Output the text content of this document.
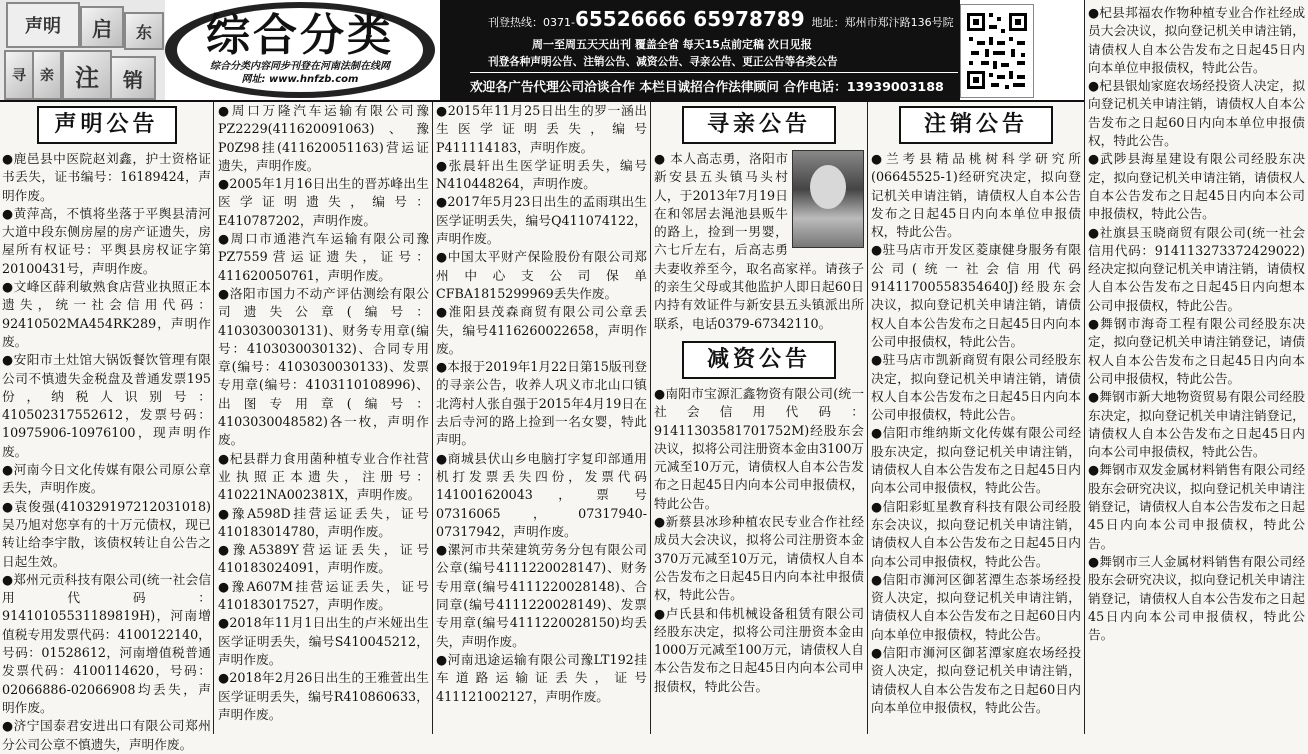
声明	启
注	销
东
寻	亲
综合分类
综合分类内容同步刊登在河南法制在线网
网址: www.hnfzb.com
刊登热线：0371-65526666 65978789 地址：郑州市郑汴路136号院
周一至周五天天出刊 覆盖全省 每天15点前定稿 次日见报
刊登各种声明公告、注销公告、减资公告、寻亲公告、更正公告等各类公告
欢迎各广告代理公司洽谈合作 本栏目诚招合作法律顾问 合作电话：13939003188
声明公告
● 鹿邑县中医院赵刘鑫，护士资格证书丢失，证书编号：16189424，声明作废。
● 黄萍高，不慎将坐落于平舆县清河大道中段东侧房屋的房产证遗失，房屋所有权证号：平舆县房权证字第20100431号，声明作废。
● 文峰区薛利敏熟食店营业执照正本遗失，统一社会信用代码：92410502MA454RK289，声明作废。
● 安阳市土灶馆大锅饭餐饮管理有限公司不慎遗失金税盘及普通发票195份，纳税人识别号：410502317552612，发票号码：10975906-10976100，现声明作废。
● 河南今日文化传媒有限公司原公章丢失，声明作废。
● 袁俊强(410329197212031018)吴乃旭对您享有的十万元债权，现已转让给李宇散，该债权转让自公告之日起生效。
● 郑州元贡科技有限公司(统一社会信用代码：91410105531189819H)，河南增值税专用发票代码：4100122140，号码：01528612，河南增值税普通发票代码：4100114620，号码：02066886-02066908均丢失，声明作废。
● 济宁国泰君安进出口有限公司郑州分公司公章不慎遗失，声明作废。
● 周口万隆汽车运输有限公司豫PZ2229(411620091063)、豫P0Z98挂(411620051163)营运证遗失，声明作废。
● 2005年1月16日出生的晋苏峰出生医学证明遗失，编号：E410787202，声明作废。
● 周口市通港汽车运输有限公司豫PZ7559营运证遗失，证号：411620050761，声明作废。
● 洛阳市国力不动产评估测绘有限公司遗失公章(编号：4103030030131)、财务专用章(编号：4103030030132)、合同专用章(编号：4103030030133)、发票专用章(编号：4103110108996)、出图专用章(编号：4103030048582)各一枚，声明作废。
● 杞县群力食用菌种植专业合作社营业执照正本遗失，注册号：410221NA002381X，声明作废。
● 豫A598D挂营运证丢失，证号410183014780，声明作废。
● 豫A5389Y营运证丢失，证号410183024091，声明作废。
● 豫A607M挂营运证丢失，证号410183017527，声明作废。
● 2018年11月1日出生的卢米娅出生医学证明丢失，编号S410045212，声明作废。
● 2018年2月26日出生的王雅萱出生医学证明丢失，编号R410860633，声明作废。
● 2015年11月25日出生的罗一涵出生医学证明丢失，编号P411114183，声明作废。
● 张晨轩出生医学证明丢失，编号N410448264，声明作废。
● 2017年5月23日出生的孟雨琪出生医学证明丢失，编号Q411074122，声明作废。
● 中国太平财产保险股份有限公司郑州中心支公司保单CFBA1815299969丢失作废。
● 淮阳县茂森商贸有限公司公章丢失，编号4116260022658，声明作废。
● 本报于2019年1月22日第15版刊登的寻亲公告，收养人巩义市北山口镇北湾村人张自强于2015年4月19日在去后寺河的路上捡到一名女婴，特此声明。
● 商城县伏山乡电脑打字复印部通用机打发票丢失四份，发票代码141001620043，票号07316065，07317940-07317942，声明作废。
● 漯河市共荣建筑劳务分包有限公司公章(编号4111220028147)、财务专用章(编号4111220028148)、合同章(编号4111220028149)、发票专用章(编号4111220028150)均丢失，声明作废。
● 河南迅途运输有限公司豫LT192挂车道路运输证丢失，证号411121002127，声明作废。
寻亲公告

● 本人高志勇，洛阳市新安县五头镇马头村人，于2013年7月19日在和邻居去渑池县贩牛的路上，捡到一男婴，六七斤左右，后高志勇夫妻收养至今，取名高家祥。请孩子的亲生父母或其他监护人即日起60日内持有效证件与新安县五头镇派出所联系，电话0379-67342110。
减资公告
● 南阳市宝源汇鑫物资有限公司(统一社会信用代码：91411303581701752M)经股东会决议，拟将公司注册资本金由3100万元减至10万元，请债权人自本公告发布之日起45日内向本公司申报债权，特此公告。
● 新蔡县冰珍种植农民专业合作社经成员大会决议，拟将公司注册资本金370万元减至10万元，请债权人自本公告发布之日起45日内向本社申报债权，特此公告。
● 卢氏县和伟机械设备租赁有限公司经股东决定，拟将公司注册资本金由1000万元减至100万元，请债权人自本公告发布之日起45日内向本公司申报债权，特此公告。
注销公告
● 兰考县精品桃树科学研究所(06645525-1)经研究决定，拟向登记机关申请注销，请债权人自本公告发布之日起45日内向本单位申报债权，特此公告。
● 驻马店市开发区菱康健身服务有限公司(统一社会信用代码91411700558354640J)经股东会决议，拟向登记机关申请注销，请债权人自本公告发布之日起45日内向本公司申报债权，特此公告。
● 驻马店市凯新商贸有限公司经股东决定，拟向登记机关申请注销，请债权人自本公告发布之日起45日内向本公司申报债权，特此公告。
● 信阳市维纳斯文化传媒有限公司经股东决定，拟向登记机关申请注销，请债权人自本公告发布之日起45日内向本公司申报债权，特此公告。
● 信阳彩虹星教育科技有限公司经股东会决议，拟向登记机关申请注销，请债权人自本公告发布之日起45日内向本公司申报债权，特此公告。
● 信阳市浉河区御茗潭生态茶场经投资人决定，拟向登记机关申请注销，请债权人自本公告发布之日起60日内向本单位申报债权，特此公告。
● 信阳市浉河区御茗潭家庭农场经投资人决定，拟向登记机关申请注销，请债权人自本公告发布之日起60日内向本单位申报债权，特此公告。
● 杞县邦福农作物种植专业合作社经成员大会决议，拟向登记机关申请注销，请债权人自本公告发布之日起45日内向本单位申报债权，特此公告。
● 杞县银灿家庭农场经投资人决定，拟向登记机关申请注销，请债权人自本公告发布之日起60日内向本单位申报债权，特此公告。
● 武陟县海星建设有限公司经股东决定，拟向登记机关申请注销，请债权人自本公告发布之日起45日内向本公司申报债权，特此公告。
● 社旗县玉晓商贸有限公司(统一社会信用代码：914113273372429022)经决定拟向登记机关申请注销，请债权人自本公告发布之日起45日内向想本公司申报债权，特此公告。
● 舞钢市海奇工程有限公司经股东决定，拟向登记机关申请注销登记，请债权人自本公告发布之日起45日内向本公司申报债权，特此公告。
● 舞钢市新大地物资贸易有限公司经股东决定，拟向登记机关申请注销登记，请债权人自本公告发布之日起45日内向本公司申报债权，特此公告。
● 舞钢市双发金属材料销售有限公司经股东会研究决议，拟向登记机关申请注销登记，请债权人自本公告发布之日起45日内向本公司申报债权，特此公告。
● 舞钢市三人金属材料销售有限公司经股东会研究决议，拟向登记机关申请注销登记，请债权人自本公告发布之日起45日内向本公司申报债权，特此公告。
